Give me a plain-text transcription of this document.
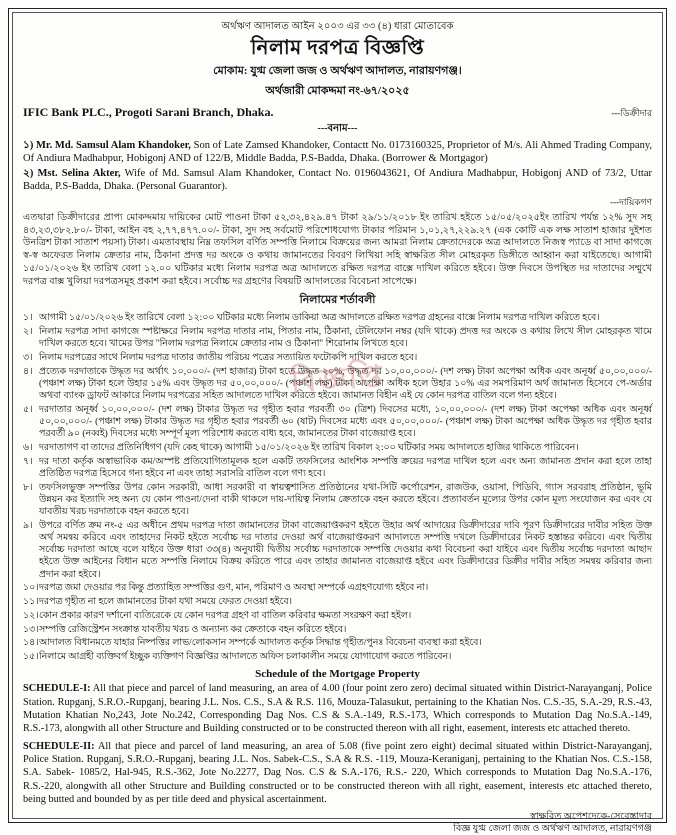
অর্থঋণ আদালত আইন ২০০৩ এর ৩৩ (৪) ধারা মোতাবেক
নিলাম দরপত্র বিজ্ঞপ্তি
মোকাম: যুগ্ম জেলা জজ ও অর্থঋণ আদালত, নারায়ণগঞ্জ।
অর্থজারী মোকদ্দমা নং-৬৭/২০২৫
IFIC Bank PLC., Progoti Sarani Branch, Dhaka.	---ডিক্রীদার
---বনাম---
১) Mr. Md. Samsul Alam Khandoker, Son of Late Zamsed Khandoker, Contactt No. 0173160325, Proprietor of M/s. Ali Ahmed Trading Company, Of Andiura Madhabpur, Hobigonj AND of 122/B, Middle Badda, P.S-Badda, Dhaka. (Borrower & Mortgagor)
২) Mst. Selina Akter, Wife of Md. Samsul Alam Khandoker, Contact No. 0196043621, Of Andiura Madhabpur, Hobigonj AND of 73/2, Uttar Badda, P.S-Badda, Dhaka. (Personal Guarantor).
---দায়িকগণ
এতদ্বারা ডিক্রীদারের প্রাপ্য মোকদ্দমায় দায়িকের মোট পাওনা টাকা ৫২,৩২,৪২৯.৪৭ টাকা ২৯/১১/২০১৮ ইং তারিখ হইতে ১৫/০৫/২০২৫ইং তারিখ পর্যন্ত ১২% সুদ সহ ৪৩,২৩,৩৮২.৮০/- টাকা, আইন বহ ২,৭৭,৪৭৭.০০/- টাকা, সুদ সহ সর্বমোট পরিশোধযোগ্য টাকার পরিমান ১,০১,২৭,২২৯.২৭ (এক কোটি এক লক্ষ সাতাশ হাজার দুইশত উনত্রিশ টাকা সাতাশ পয়সা) টাকা। এমতাবস্থায় নিম্ন তফসিল বর্ণিত সম্পত্তি নিলামে বিক্রয়ের জন্য আমরা নিলাম ক্রেতাদেরকে অত্র আদালতে নিজস্ব প্যাডে বা সাদা কাগজে স্ব-স্ব অফেরত নিলাম ক্রেতার নাম, ঠিকানা প্রদত্ত দর অংকে ও কথায় জামানতের বিবরণ লিখিয়া সহি স্বাক্ষরিত সীল মোহরকৃত ডিঙ্গীতে আহ্বান করা যাইতেছে। আগামী ১৫/০১/২০২৬ ইং তারিখ বেলা ১২.০০ ঘটিকার মধ্যে নিলাম দরপত্র অত্র আদালতে রক্ষিত দরপত্র বাক্সে দাখিল করিতে হইবে। উক্ত দিবসে উপস্থিত দর দাতাদের সম্মুখে দরপত্র বাক্স খুলিয়া দরপত্রসমূহ প্রকাশ করা হইবে। সর্বোচ্চ দর গ্রহণের বিষয়টি আদালতের বিবেচনা সাপেক্ষে।
নিলামের শর্তাবলী
১। আগামী ১৫/০১/২০২৬ ইং তারিখে বেলা ১২:০০ ঘটিকার মধ্যে নিলাম ডাকিয়া অত্র আদালতে রক্ষিত দরপত্র গ্রহনের বাক্সে নিলাম দরপত্র দাখিল করিতে হবে।
২। নিলাম দরপত্র সাদা কাগজে স্পষ্টাক্ষরে নিলাম দরপত্র দাতার নাম, পিতার নাম, ঠিকানা, টেলিফোন নম্বর (যদি থাকে) প্রদত্ত দর অংকে ও কথায় লিখে সীল মোহরকৃত খামে দাখিল করতে হবে। খামের উপর "নিলাম দরপত্র নিলামে ক্রেতার নাম ও ঠিকানা" শিরোনাম লিখতে হবে।
৩। নিলাম দরপত্রের সাথে নিলাম দরপত্র দাতার জাতীয় পরিচয় পত্রের সত্যায়িত ফটোকপি দাখিল করতে হবে।
৪। প্রত্যেক দরদাতাকে উদ্ধৃত দর অর্থাৎ ১০,০০০/- (দশ হাজার) টাকা হতে উদ্ধৃত ২০%, উদ্ধৃত দর ১০,০০,০০০/- (দশ লক্ষ) টাকা অপেক্ষা অধিক এবং অনূর্ধ্ব ৫০,০০,০০০/- (পঞ্চাশ লক্ষ) টাকা হলে উহার ১৫% এবং উদ্ধৃত দর ৫০,০০,০০০/- (পঞ্চাশ লক্ষ) টাকা অপেক্ষা অধিক হলে উহার ১০% এর সমপরিমাণ অর্থ জামানত হিসেবে পে-অর্ডার অথবা ব্যাংক ড্রাফট আকারে নিলাম দরপত্রের সহিত আদালতে দাখিল করিতে হইবে। জামানত বিহীন এই যে কোন দরপত্র বাতিল বলে গন্য হইবে।
৫। দরদাতার অনূর্ধ্ব ১০,০০,০০০/- (দশ লক্ষ) টাকার উদ্ধৃত দর গৃহীত হবার পরবর্তী ৩০ (ত্রিশ) দিবসের মধ্যে, ১০,০০,০০০/- (দশ লক্ষ) টাকা অপেক্ষা অধিক এবং অনূর্ধ্ব ৫০,০০,০০০/- (পঞ্চাশ লক্ষ) টাকার উদ্ধৃত দর গৃহীত হবার পরবর্তী ৬০ (ষাট) দিবসের মধ্যে এবং ৫০,০০,০০০/- (পঞ্চাশ লক্ষ) টাকা অপেক্ষা অধিক উদ্ধৃত দর গৃহীত হবার পরবর্তী ৯০ (নব্বই) দিবসের মধ্যে সম্পূর্ণ মূল্য পরিশোধ করতে বাধ্য হবে, জামানতের টাকা বাজেয়াপ্ত হবে।
৬। দরদাতাগণ বা তাদের প্রতিনিধিগণ (যদি কেহ থাকে) আগামী ১৫/০১/২০২৬ ইং তারিখ বিকাল ২:০০ ঘটিকার সময় আদালতে হাজির থাকিতে পারিবেন।
৭। দর দাতা কর্তৃক অস্বাভাবিক কম/অস্পষ্ট প্রতিযোগিতামূলক হলে একটি তফসিলের আংশিক সম্পত্তি ক্রয়ের দরপত্র দাখিল হলে এবং অন্য জামানত প্রদান করা হলে তাহা প্রতিষ্ঠিত দরপত্র হিসেবে গন্য হইবে না এবং তাহা সরাসরি বাতিল বলে গণ্য হবে।
৮। তফসিলভুক্ত সম্পত্তির উপর কোন সরকারী, আধা সরকারী বা স্বায়ত্বশাসিত প্রতিষ্ঠানের যথা-সিটি কর্পোরেশন, রাজউক, ওয়াসা, পিডিবি, গ্যাস সরবরাহ প্রতিষ্ঠান, ভূমি উন্নয়ন কর ইত্যাদি সহ অন্য যে কোন পাওনা/দেনা বাকী থাকলে দায়-দায়িত্ব নিলাম ক্রেতাকে বহন করতে হইবে। প্রত্যাবর্তন মূল্যের উপর কোন মূল্য সংযোজন কর এবং যে যাবতীয় খরচ দরদাতাকে বহন করতে হবে।
৯। উপরে বর্ণিত ক্রম নং-৫ এর অধীনে প্রথম দরপত্র দাতা জামানতের টাকা বাজেয়াপ্তকরণ হইতে উহার অর্থ আদায়ের ডিক্রীদারের দাবি পূরণ ডিক্রীদারের দাবীর সহিত উক্ত অর্থ সমন্বয় করিবে এবং তাহাদের নিকট হইতে সর্বোচ্চ দর দাতার দেওয়া অর্থ বাজেয়াপ্তকরণ আদালতে সম্পত্তি দখলে ডিক্রীদারের নিকট হস্তান্তর করিবে। এবং দ্বিতীয় সর্বোচ্চ দরদাতা আছে বলে যাইবে উক্ত ধারা ৩৩(৪) অনুযায়ী দ্বিতীয় সর্বোচ্চ দরদাতাকে সম্পত্তি দেওয়ার কথা বিবেচনা করা যাইবে এবং দ্বিতীয় সর্বোচ্চ দরদাতা আছাদ হইতে উক্ত আইনের বিধান মতে সম্পত্তি নিলামে বিক্রয় করিতে পারে এবং তাহার জামানত বাজেয়াপ্ত হইবে এবং ডিক্রীদারের ডিক্রীর দাবীর সহিত সমন্বয় করিবার জন্য প্রদান করা হইবে।
১০। দরপত্র জমা দেওয়ার পর কিন্তু প্রত্যাহিত সম্পত্তির গুণ, মান, পরিমাণ ও অবস্থা সম্পর্কে এগ্রহণযোগ্য হইবে না।
১১। দরপত্র গৃহীত না হলে জামানতের টাকা যথা সময়ে ফেরত দেওয়া হইবে।
১২। কোন প্রকার কারণ দর্শানো ব্যতিরেকে যে কোন দরপত্র গ্রহণ বা বাতিল করিবার ক্ষমতা সংরক্ষণ করা হইল।
১৩। সম্পত্তি রেজিস্ট্রেশন সংক্রান্ত যাবতীয় খরচ ও অন্যান্য কর ক্রেতাকে বহন করিতে হইবে।
১৪। আদালত বিধানমতে যাহার নিষ্পত্তির লাভ/লোকসান সম্পর্কে আদালত কর্তৃক সিদ্ধান্ত গৃহীত/পুনঃ বিবেচনা ব্যবস্থা করা হইবে।
১৫। নিলামে আগ্রহী ব্যক্তিবর্গ ইচ্ছুক ব্যক্তিগণ বিজ্ঞপ্তির আদালতে অফিস চলাকালীন সময়ে যোগাযোগ করতে পারিবেন।
Schedule of the Mortgage Property
SCHEDULE-I: All that piece and parcel of land measuring, an area of 4.00 (four point zero zero) decimal situated within District-Narayanganj, Police Station. Rupganj, S.R.O.-Rupganj, bearing J.L. Nos. C.S., S.A & R.S. 116, Mouza-Talasukut, pertaining to the Khatian Nos. C.S.-35, S.A.-29, R.S.-43, Mutation Khatian No,243, Jote No.242, Corresponding Dag Nos. C.S & S.A.-149, R.S.-173, Which corresponds to Mutation Dag No.S.A.-149, R.S.-173, alongwith all other Structure and Building constructed or to be constructed thereon with all right, easement, interests etc attached thereto.
SCHEDULE-II: All that piece and parcel of land measuring, an area of 5.08 (five point zero eight) decimal situated within District-Narayanganj, Police Station. Rupganj, S.R.O.-Rupganj, bearing J.L. Nos. Sabek-C.S., S.A & R.S. -119, Mouza-Keraniganj, pertaining to the Khatian Nos. C.S.-158, S.A. Sabek- 1085/2, Hal-945, R.S.-362, Jote No.2277, Dag Nos. C.S & S.A.-176, R.S.- 220, Which corresponds to Mutation Dag No.S.A.-176, R.S.-220, alongwith all other Structure and Building constructed or to be constructed thereon with all right, easement, interests etc attached thereto, being butted and bounded by as per title deed and physical ascertainment.
স্বাক্ষরিত অপেশদেকে-সেরেস্তাদার
বিজ্ঞ যুগ্ম জেলা জজ ও অর্থঋণ আদালত, নারায়ণগঞ্জ
বিজ্ঞপ্তি
